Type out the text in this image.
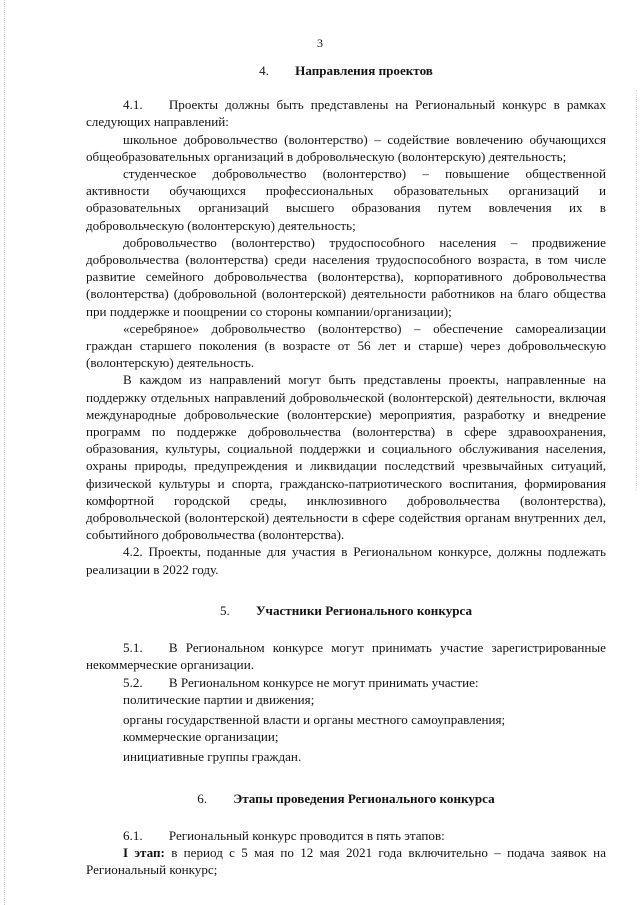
3
4. Направления проектов

4.1.  Проекты должны быть представлены на Региональный конкурс в рамках следующих направлений:

школьное добровольчество (волонтерство) – содействие вовлечению обучающихся общеобразовательных организаций в добровольческую (волонтерскую) деятельность;

студенческое добровольчество (волонтерство) – повышение общественной активности обучающихся профессиональных образовательных организаций и образовательных организаций высшего образования путем вовлечения их в добровольческую (волонтерскую) деятельность;

добровольчество (волонтерство) трудоспособного населения – продвижение добровольчества (волонтерства) среди населения трудоспособного возраста, в том числе развитие семейного добровольчества (волонтерства), корпоративного добровольчества (волонтерства) (добровольной (волонтерской) деятельности работников на благо общества при поддержке и поощрении со стороны компании/организации);

«серебряное» добровольчество (волонтерство) – обеспечение самореализации граждан старшего поколения (в возрасте от 56 лет и старше) через добровольческую (волонтерскую) деятельность.

В каждом из направлений могут быть представлены проекты, направленные на поддержку отдельных направлений добровольческой (волонтерской) деятельности, включая международные добровольческие (волонтерские) мероприятия, разработку и внедрение программ по поддержке добровольчества (волонтерства) в сфере здравоохранения, образования, культуры, социальной поддержки и социального обслуживания населения, охраны природы, предупреждения и ликвидации последствий чрезвычайных ситуаций, физической культуры и спорта, гражданско-патриотического воспитания, формирования комфортной городской среды, инклюзивного добровольчества (волонтерства), добровольческой (волонтерской) деятельности в сфере содействия органам внутренних дел, событийного добровольчества (волонтерства).

4.2. Проекты, поданные для участия в Региональном конкурсе, должны подлежать реализации в 2022 году.

5. Участники Регионального конкурса

5.1.  В Региональном конкурсе могут принимать участие зарегистрированные некоммерческие организации.

5.2.  В Региональном конкурсе не могут принимать участие:

политические партии и движения;

органы государственной власти и органы местного самоуправления;

коммерческие организации;

инициативные группы граждан.

6. Этапы проведения Регионального конкурса

6.1.  Региональный конкурс проводится в пять этапов:

I этап: в период с 5 мая по 12 мая 2021 года включительно – подача заявок на Региональный конкурс;
